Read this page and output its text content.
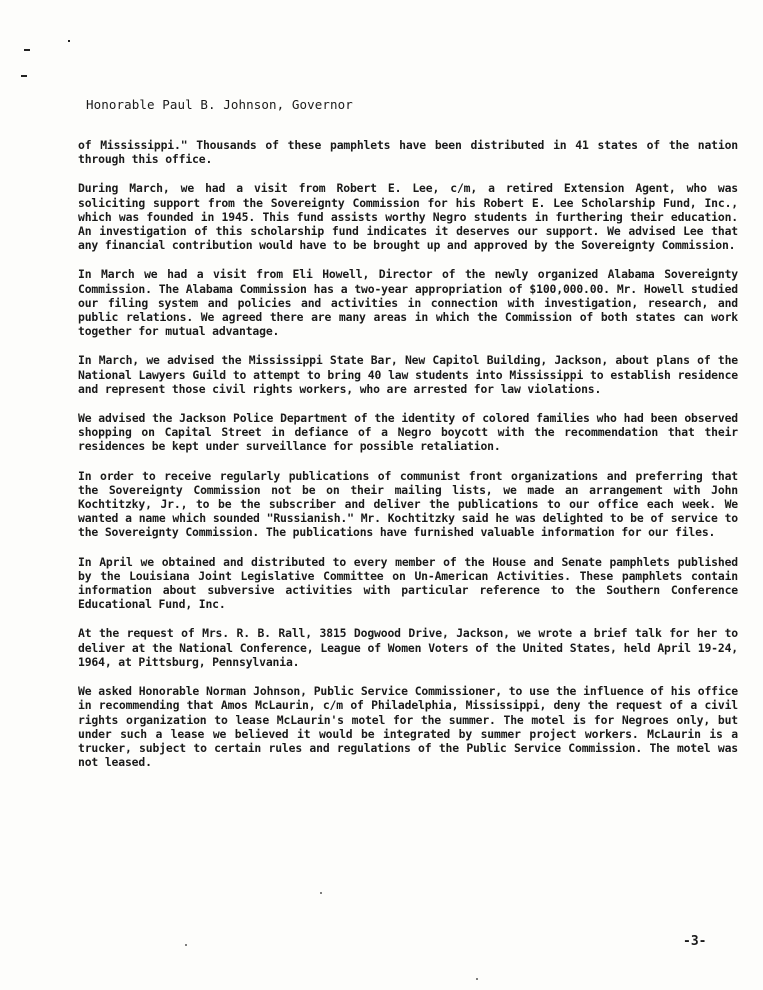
Honorable Paul B. Johnson, Governor

of Mississippi." Thousands of these pamphlets have been distributed in 41 states of the nation through this office.

During March, we had a visit from Robert E. Lee, c/m, a retired Extension Agent, who was soliciting support from the Sovereignty Commission for his Robert E. Lee Scholarship Fund, Inc., which was founded in 1945. This fund assists worthy Negro students in furthering their education. An investigation of this scholarship fund indicates it deserves our support. We advised Lee that any financial contribution would have to be brought up and approved by the Sovereignty Commission.

In March we had a visit from Eli Howell, Director of the newly organized Alabama Sovereignty Commission. The Alabama Commission has a two-year appropriation of $100,000.00. Mr. Howell studied our filing system and policies and activities in connection with investigation, research, and public relations. We agreed there are many areas in which the Commission of both states can work together for mutual advantage.

In March, we advised the Mississippi State Bar, New Capitol Building, Jackson, about plans of the National Lawyers Guild to attempt to bring 40 law students into Mississippi to establish residence and represent those civil rights workers, who are arrested for law violations.

We advised the Jackson Police Department of the identity of colored families who had been observed shopping on Capital Street in defiance of a Negro boycott with the recommendation that their residences be kept under surveillance for possible retaliation.

In order to receive regularly publications of communist front organizations and preferring that the Sovereignty Commission not be on their mailing lists, we made an arrangement with John Kochtitzky, Jr., to be the subscriber and deliver the publications to our office each week. We wanted a name which sounded "Russianish." Mr. Kochtitzky said he was delighted to be of service to the Sovereignty Commission. The publications have furnished valuable information for our files.

In April we obtained and distributed to every member of the House and Senate pamphlets published by the Louisiana Joint Legislative Committee on Un-American Activities. These pamphlets contain information about subversive activities with particular reference to the Southern Conference Educational Fund, Inc.

At the request of Mrs. R. B. Rall, 3815 Dogwood Drive, Jackson, we wrote a brief talk for her to deliver at the National Conference, League of Women Voters of the United States, held April 19-24, 1964, at Pittsburg, Pennsylvania.

We asked Honorable Norman Johnson, Public Service Commissioner, to use the influence of his office in recommending that Amos McLaurin, c/m of Philadelphia, Mississippi, deny the request of a civil rights organization to lease McLaurin's motel for the summer. The motel is for Negroes only, but under such a lease we believed it would be integrated by summer project workers. McLaurin is a trucker, subject to certain rules and regulations of the Public Service Commission. The motel was not leased.

-3-
